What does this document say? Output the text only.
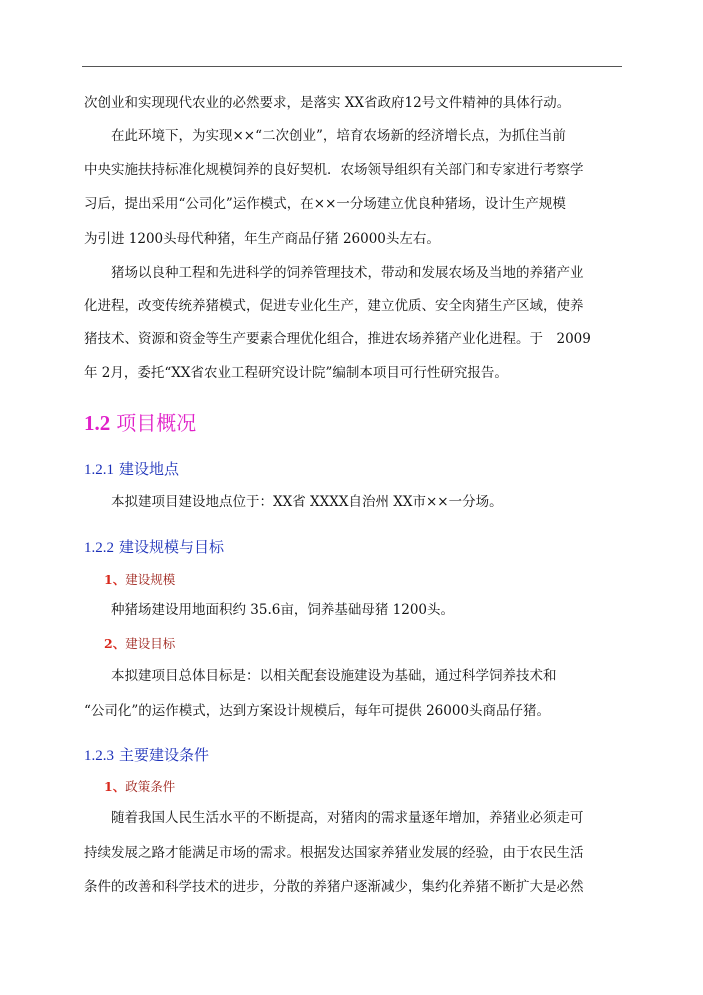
次创业和实现现代农业的必然要求，是落实 XX省政府12号文件精神的具体行动。
在此环境下，为实现××“二次创业”，培育农场新的经济增长点，为抓住当前
中央实施扶持标准化规模饲养的良好契机．农场领导组织有关部门和专家进行考察学
习后，提出采用“公司化”运作模式，在××一分场建立优良种猪场，设计生产规模
为引进 1200头母代种猪，年生产商品仔猪 26000头左右。
猪场以良种工程和先进科学的饲养管理技术，带动和发展农场及当地的养猪产业
化进程，改变传统养猪模式，促进专业化生产，建立优质、安全肉猪生产区域，使养
猪技术、资源和资金等生产要素合理优化组合，推进农场养猪产业化进程。于　2009
年 2月，委托“XX省农业工程研究设计院”编制本项目可行性研究报告。
1.2 项目概况
1.2.1 建设地点
本拟建项目建设地点位于：XX省 XXXX自治州 XX市××一分场。
1.2.2 建设规模与目标
1、建设规模
种猪场建设用地面积约 35.6亩，饲养基础母猪 1200头。
2、建设目标
本拟建项目总体目标是：以相关配套设施建设为基础，通过科学饲养技术和
“公司化”的运作模式，达到方案设计规模后，每年可提供 26000头商品仔猪。
1.2.3 主要建设条件
1、政策条件
随着我国人民生活水平的不断提高，对猪肉的需求量逐年增加，养猪业必须走可
持续发展之路才能满足市场的需求。根据发达国家养猪业发展的经验，由于农民生活
条件的改善和科学技术的进步，分散的养猪户逐渐减少，集约化养猪不断扩大是必然
